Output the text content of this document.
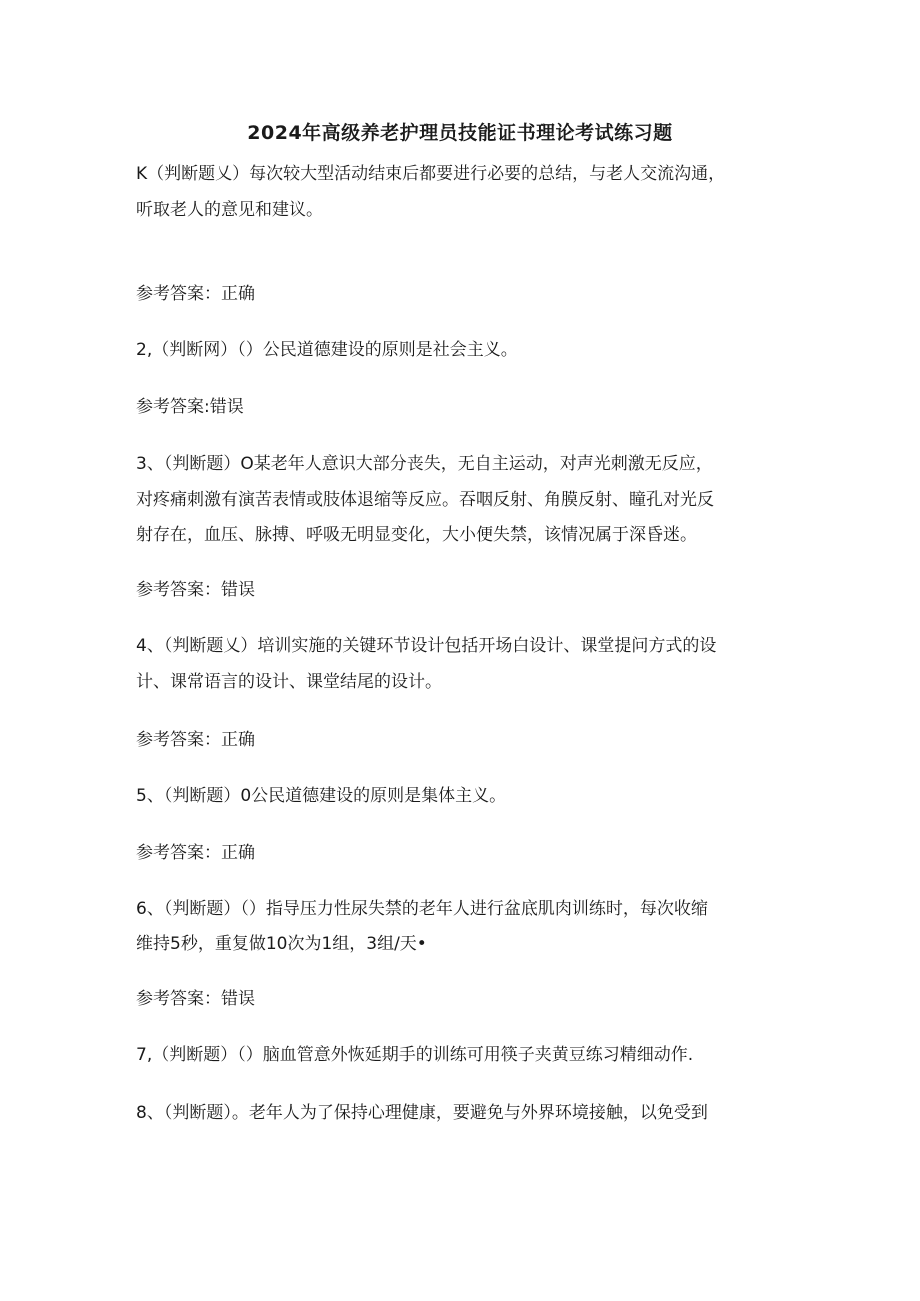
2024年高级养老护理员技能证书理论考试练习题
K（判断题乂）每次较大型活动结束后都要进行必要的总结，与老人交流沟通，
听取老人的意见和建议。
参考答案：正确
2,（判断网）（）公民道德建设的原则是社会主义。
参考答案:错误
3、（判断题）O某老年人意识大部分丧失，无自主运动，对声光刺激无反应，
对疼痛刺激有演苦表情或肢体退缩等反应。吞咽反射、角膜反射、瞳孔对光反
射存在，血压、脉搏、呼吸无明显变化，大小便失禁，该情况属于深昏迷。
参考答案：错误
4、（判断题乂）培训实施的关键环节设计包括开场白设计、课堂提问方式的设
计、课常语言的设计、课堂结尾的设计。
参考答案：正确
5、（判断题）0公民道德建设的原则是集体主义。
参考答案：正确
6、（判断题）（）指导压力性尿失禁的老年人进行盆底肌肉训练时，每次收缩
维持5秒，重复做10次为1组，3组/天•
参考答案：错误
7,（判断题）（）脑血管意外恢延期手的训练可用筷子夹黄豆练习精细动作.
8、（判断题）。老年人为了保持心理健康，要避免与外界环境接触，以免受到
